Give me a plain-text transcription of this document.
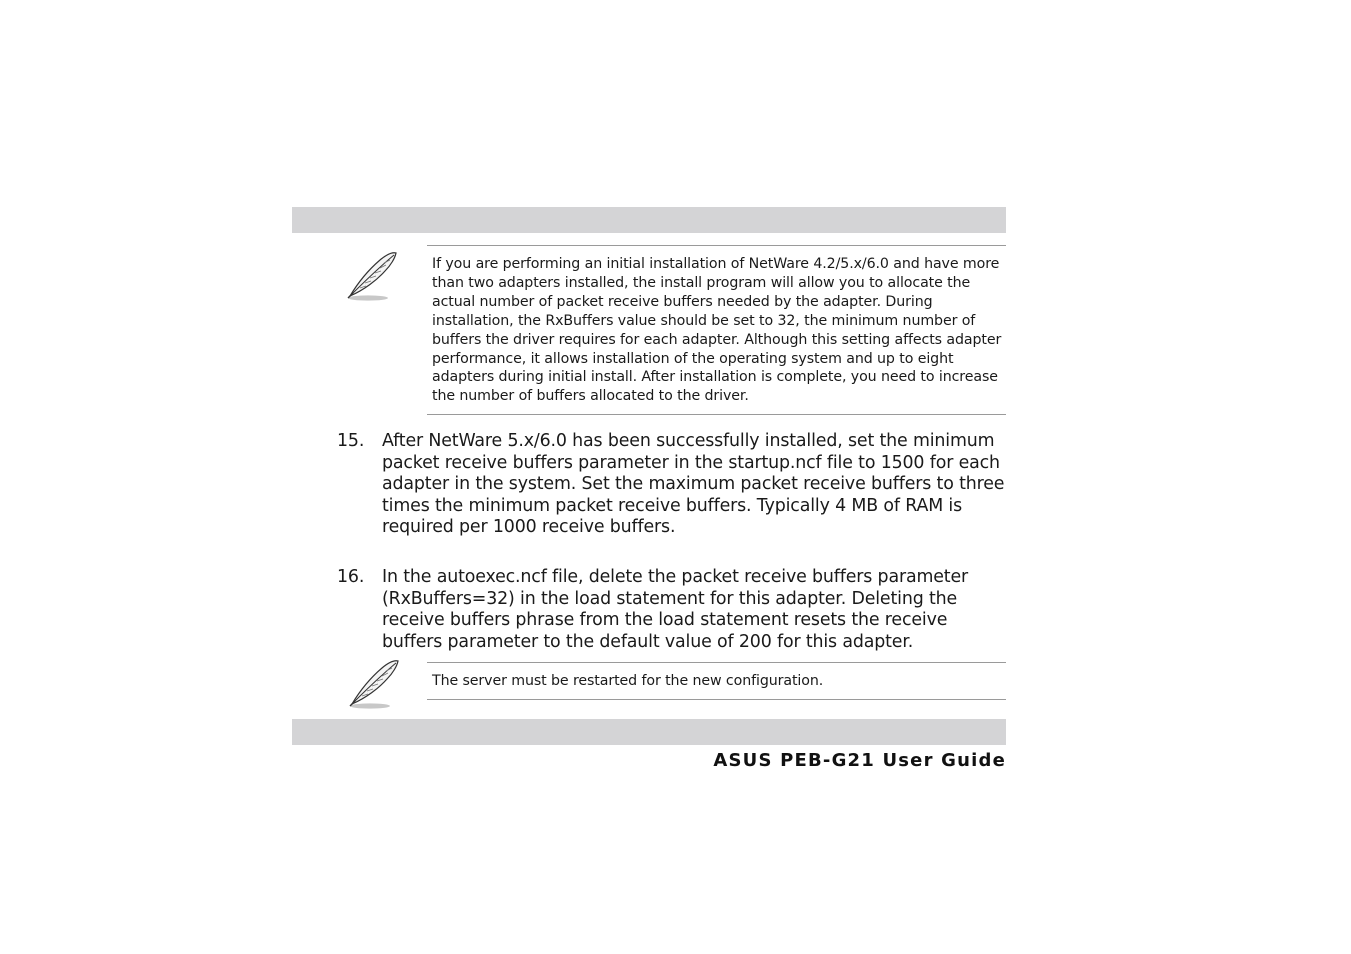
If you are performing an initial installation of NetWare 4.2/5.x/6.0 and have more than two adapters installed, the install program will allow you to allocate the actual number of packet receive buffers needed by the adapter. During installation, the RxBuffers value should be set to 32, the minimum number of buffers the driver requires for each adapter. Although this setting affects adapter performance, it allows installation of the operating system and up to eight adapters during initial install. After installation is complete, you need to increase the number of buffers allocated to the driver.

15. After NetWare 5.x/6.0 has been successfully installed, set the minimum packet receive buffers parameter in the startup.ncf file to 1500 for each adapter in the system. Set the maximum packet receive buffers to three times the minimum packet receive buffers. Typically 4 MB of RAM is required per 1000 receive buffers.

16. In the autoexec.ncf file, delete the packet receive buffers parameter (RxBuffers=32) in the load statement for this adapter. Deleting the receive buffers phrase from the load statement resets the receive buffers parameter to the default value of 200 for this adapter.

The server must be restarted for the new configuration.

ASUS PEB-G21 User Guide
